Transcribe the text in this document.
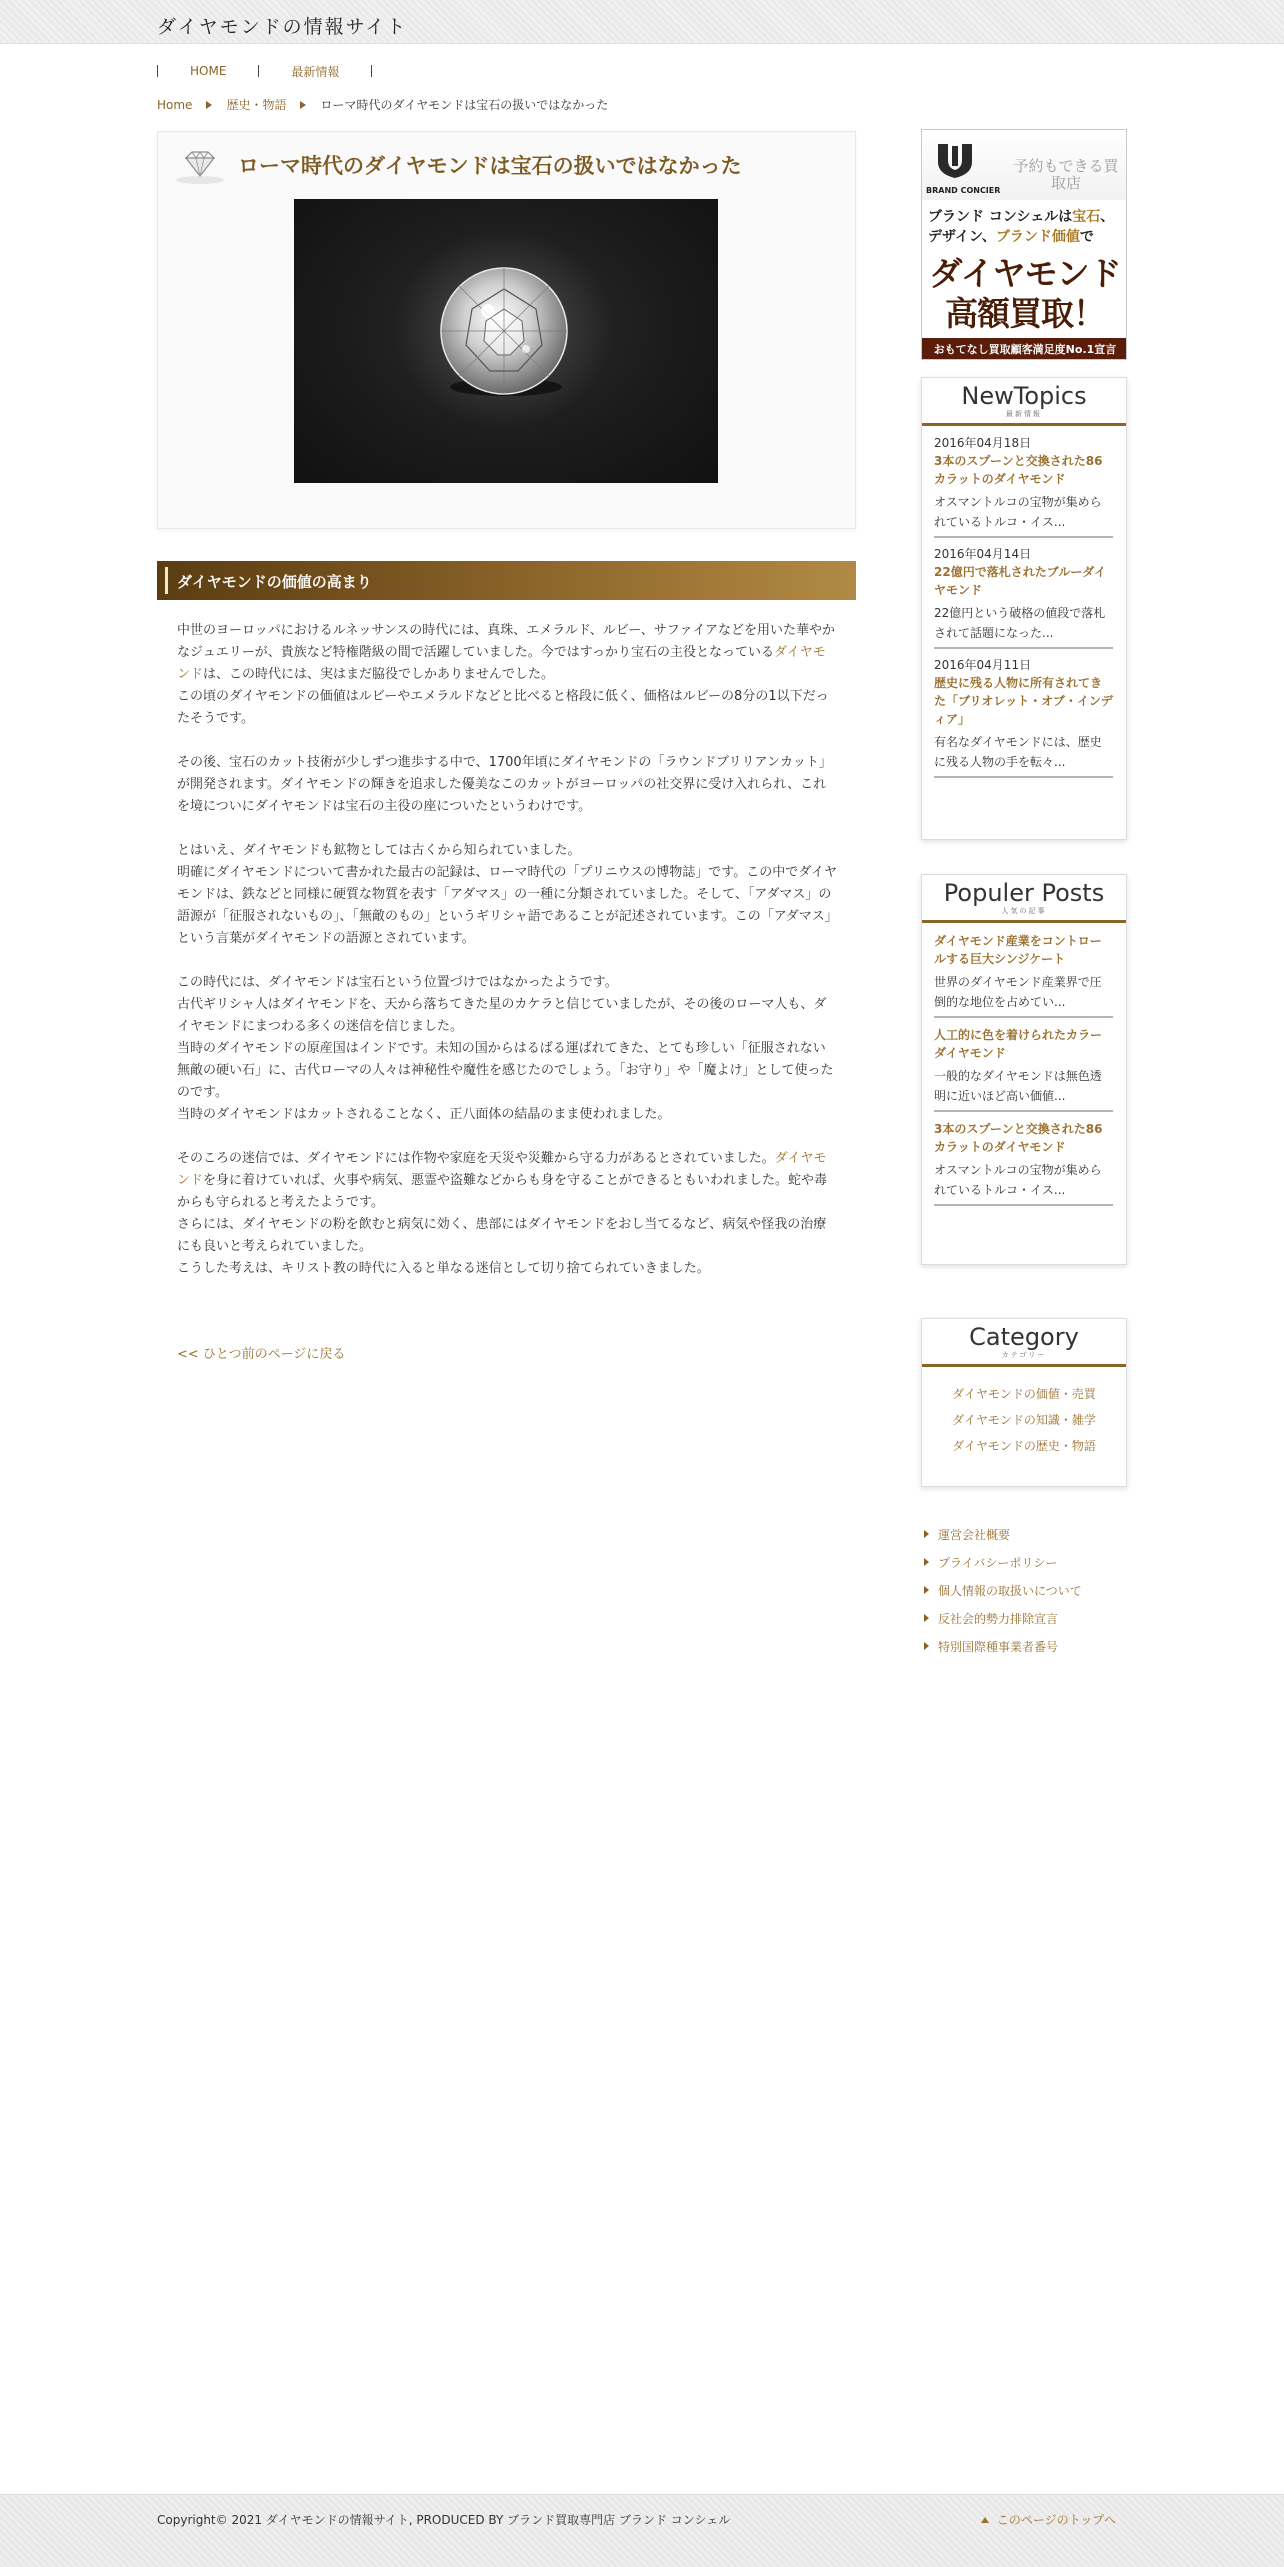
ダイヤモンドの情報サイト
HOME	最新情報
Home	歴史・物語	ローマ時代のダイヤモンドは宝石の扱いではなかった
ローマ時代のダイヤモンドは宝石の扱いではなかった
ダイヤモンドの価値の高まり

中世のヨーロッパにおけるルネッサンスの時代には、真珠、エメラルド、ルビー、サファイアなどを用いた華やかなジュエリーが、貴族など特権階級の間で活躍していました。今ではすっかり宝石の主役となっているダイヤモンドは、この時代には、実はまだ脇役でしかありませんでした。
この頃のダイヤモンドの価値はルビーやエメラルドなどと比べると格段に低く、価格はルビーの8分の1以下だったそうです。

その後、宝石のカット技術が少しずつ進歩する中で、1700年頃にダイヤモンドの「ラウンドブリリアンカット」が開発されます。ダイヤモンドの輝きを追求した優美なこのカットがヨーロッパの社交界に受け入れられ、これを境についにダイヤモンドは宝石の主役の座についたというわけです。

とはいえ、ダイヤモンドも鉱物としては古くから知られていました。
明確にダイヤモンドについて書かれた最古の記録は、ローマ時代の「プリニウスの博物誌」です。この中でダイヤモンドは、鉄などと同様に硬質な物質を表す「アダマス」の一種に分類されていました。そして、「アダマス」の語源が「征服されないもの」、「無敵のもの」というギリシャ語であることが記述されています。この「アダマス」という言葉がダイヤモンドの語源とされています。

この時代には、ダイヤモンドは宝石という位置づけではなかったようです。
古代ギリシャ人はダイヤモンドを、天から落ちてきた星のカケラと信じていましたが、その後のローマ人も、ダイヤモンドにまつわる多くの迷信を信じました。
当時のダイヤモンドの原産国はインドです。未知の国からはるばる運ばれてきた、とても珍しい「征服されない無敵の硬い石」に、古代ローマの人々は神秘性や魔性を感じたのでしょう。「お守り」や「魔よけ」として使ったのです。
当時のダイヤモンドはカットされることなく、正八面体の結晶のまま使われました。

そのころの迷信では、ダイヤモンドには作物や家庭を天災や災難から守る力があるとされていました。ダイヤモンドを身に着けていれば、火事や病気、悪霊や盗難などからも身を守ることができるともいわれました。蛇や毒からも守られると考えたようです。
さらには、ダイヤモンドの粉を飲むと病気に効く、患部にはダイヤモンドをおし当てるなど、病気や怪我の治療にも良いと考えられていました。
こうした考えは、キリスト教の時代に入ると単なる迷信として切り捨てられていきました。

<< ひとつ前のページに戻る
BRAND CONCIER
予約もできる買取店
ブランド コンシェルは宝石、
デザイン、ブランド価値で
ダイヤモンド
高額買取！
おもてなし買取顧客満足度No.1宣言
NewTopics
最新情報
2016年04月18日
3本のスプーンと交換された86カラットのダイヤモンド
オスマントルコの宝物が集められているトルコ・イス...
2016年04月14日
22億円で落札されたブルーダイヤモンド
22億円という破格の値段で落札されて話題になった...
2016年04月11日
歴史に残る人物に所有されてきた「ブリオレット・オブ・インディア」
有名なダイヤモンドには、歴史に残る人物の手を転々...
Populer Posts
人気の記事
ダイヤモンド産業をコントロールする巨大シンジケート
世界のダイヤモンド産業界で圧倒的な地位を占めてい...
人工的に色を着けられたカラーダイヤモンド
一般的なダイヤモンドは無色透明に近いほど高い価値...
3本のスプーンと交換された86カラットのダイヤモンド
オスマントルコの宝物が集められているトルコ・イス...
Category
カテゴリー
ダイヤモンドの価値・売買
ダイヤモンドの知識・雑学
ダイヤモンドの歴史・物語
運営会社概要
プライバシーポリシー
個人情報の取扱いについて
反社会的勢力排除宣言
特別国際種事業者番号
Copyright© 2021 ダイヤモンドの情報サイト, PRODUCED BY ブランド買取専門店 ブランド コンシェル	このページのトップへ
